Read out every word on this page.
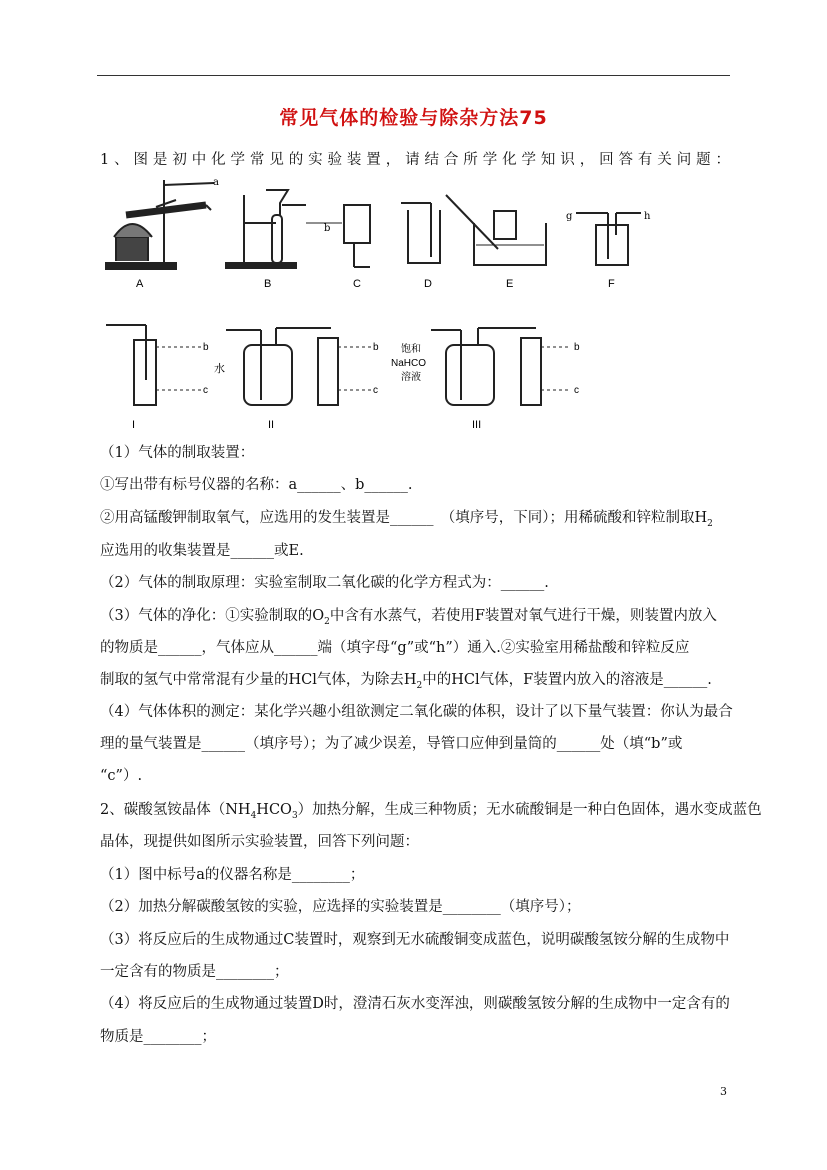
常见气体的检验与除杂方法75
1、图是初中化学常见的实验装置，请结合所学化学知识，回答有关问题：
a
b
g	h
A	B	C	D	E	F
b
c
b
c
b
c
水
饱和
NaHCO
溶液
I	II	III
（1）气体的制取装置：
①写出带有标号仪器的名称：a______、b______.
②用高锰酸钾制取氧气，应选用的发生装置是______　（填序号，下同）；用稀硫酸和锌粒制取$H_2$
应选用的收集装置是______或E.
（2）气体的制取原理：实验室制取二氧化碳的化学方程式为：______.
（3）气体的净化：①实验制取的$O_2$中含有水蒸气，若使用F装置对氧气进行干燥，则装置内放入
的物质是______，气体应从______端（填字母“g”或“h”）通入.②实验室用稀盐酸和锌粒反应
制取的氢气中常常混有少量的HCl气体，为除去$H_2$中的HCl气体，F装置内放入的溶液是______.
（4）气体体积的测定：某化学兴趣小组欲测定二氧化碳的体积，设计了以下量气装置：你认为最合
理的量气装置是______（填序号）；为了减少误差，导管口应伸到量筒的______处（填“b”或
“c”）.
2、碳酸氢铵晶体$(NH_4HCO_3)$加热分解，生成三种物质；无水硫酸铜是一种白色固体，遇水变成蓝色
晶体，现提供如图所示实验装置，回答下列问题：
（1）图中标号a的仪器名称是________；
（2）加热分解碳酸氢铵的实验，应选择的实验装置是________（填序号）；
（3）将反应后的生成物通过C装置时，观察到无水硫酸铜变成蓝色，说明碳酸氢铵分解的生成物中
一定含有的物质是________；
（4）将反应后的生成物通过装置D时，澄清石灰水变浑浊，则碳酸氢铵分解的生成物中一定含有的
物质是________；
3
